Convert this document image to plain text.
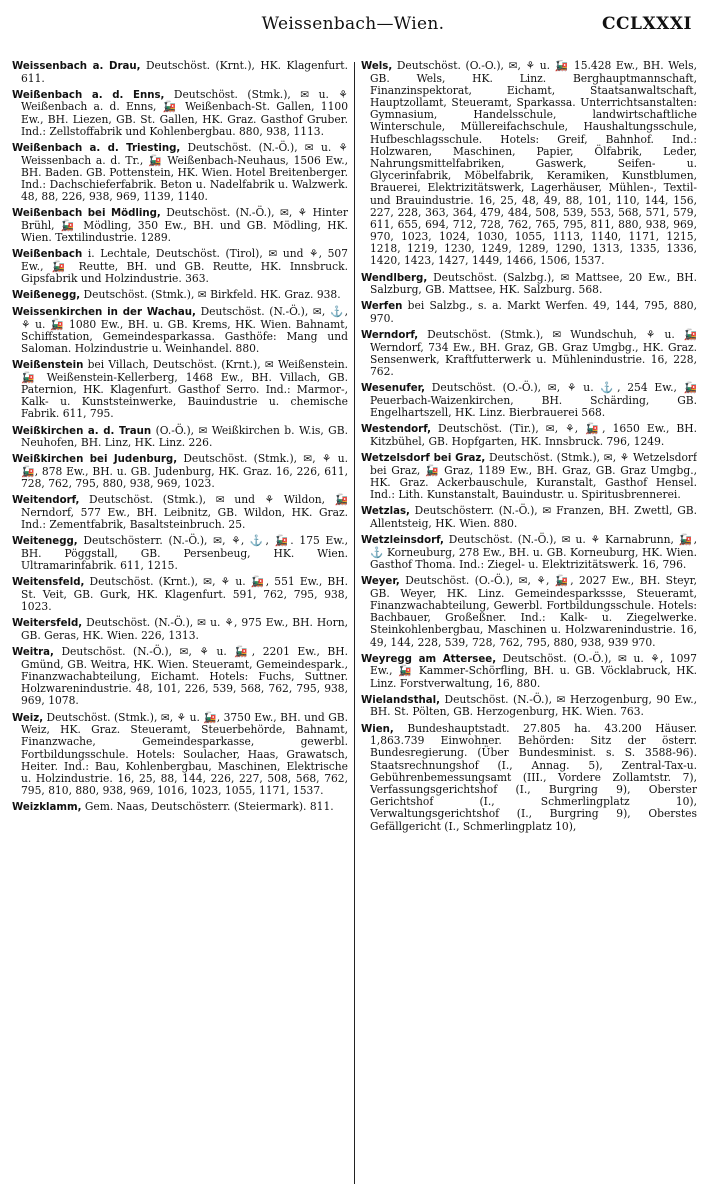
Weissenbach—Wien.	CCLXXXI

Weissenbach a. Drau, Deutschöst. (Krnt.), HK. Klagenfurt. 611.

Weißenbach a. d. Enns, Deutschöst. (Stmk.), ✉ u. ⚘ Weißenbach a. d. Enns, 🚂 Weißenbach-St. Gallen, 1100 Ew., BH. Liezen, GB. St. Gallen, HK. Graz. Gasthof Gruber. Ind.: Zellstoffabrik und Kohlenbergbau. 880, 938, 1113.

Weißenbach a. d. Triesting, Deutschöst. (N.-Ö.), ✉ u. ⚘ Weissenbach a. d. Tr., 🚂 Weißenbach-Neuhaus, 1506 Ew., BH. Baden. GB. Pottenstein, HK. Wien. Hotel Breitenberger. Ind.: Dachschieferfabrik. Beton u. Nadelfabrik u. Walzwerk. 48, 88, 226, 938, 969, 1139, 1140.

Weißenbach bei Mödling, Deutschöst. (N.-Ö.), ✉, ⚘ Hinter Brühl, 🚂 Mödling, 350 Ew., BH. und GB. Mödling, HK. Wien. Textilindustrie. 1289.

Weißenbach i. Lechtale, Deutschöst. (Tirol), ✉ und ⚘, 507 Ew., 🚂 Reutte, BH. und GB. Reutte, HK. Innsbruck. Gipsfabrik und Holzindustrie. 363.

Weißenegg, Deutschöst. (Stmk.), ✉ Birkfeld. HK. Graz. 938.

Weissenkirchen in der Wachau, Deutschöst. (N.-Ö.), ✉, ⚓, ⚘ u. 🚂 1080 Ew., BH. u. GB. Krems, HK. Wien. Bahnamt, Schiffstation, Gemeindesparkassa. Gasthöfe: Mang und Saloman. Holzindustrie u. Weinhandel. 880.

Weißenstein bei Villach, Deutschöst. (Krnt.), ✉ Weißenstein. 🚂 Weißenstein-Kellerberg, 1468 Ew., BH. Villach, GB. Paternion, HK. Klagenfurt. Gasthof Serro. Ind.: Marmor-, Kalk- u. Kunststeinwerke, Bauindustrie u. chemische Fabrik. 611, 795.

Weißkirchen a. d. Traun (O.-Ö.), ✉ Weißkirchen b. W.is, GB. Neuhofen, BH. Linz, HK. Linz. 226.

Weißkirchen bei Judenburg, Deutschöst. (Stmk.), ✉, ⚘ u. 🚂, 878 Ew., BH. u. GB. Judenburg, HK. Graz. 16, 226, 611, 728, 762, 795, 880, 938, 969, 1023.

Weitendorf, Deutschöst. (Stmk.), ✉ und ⚘ Wildon, 🚂 Nerndorf, 577 Ew., BH. Leibnitz, GB. Wildon, HK. Graz. Ind.: Zementfabrik, Basaltsteinbruch. 25.

Weitenegg, Deutschösterr. (N.-Ö.), ✉, ⚘, ⚓, 🚂. 175 Ew., BH. Pöggstall, GB. Persenbeug, HK. Wien. Ultramarinfabrik. 611, 1215.

Weitensfeld, Deutschöst. (Krnt.), ✉, ⚘ u. 🚂, 551 Ew., BH. St. Veit, GB. Gurk, HK. Klagenfurt. 591, 762, 795, 938, 1023.

Weitersfeld, Deutschöst. (N.-Ö.), ✉ u. ⚘, 975 Ew., BH. Horn, GB. Geras, HK. Wien. 226, 1313.

Weitra, Deutschöst. (N.-Ö.), ✉, ⚘ u. 🚂, 2201 Ew., BH. Gmünd, GB. Weitra, HK. Wien. Steueramt, Gemeindespark., Finanzwachabteilung, Eichamt. Hotels: Fuchs, Suttner. Holzwarenindustrie. 48, 101, 226, 539, 568, 762, 795, 938, 969, 1078.

Weiz, Deutschöst. (Stmk.), ✉, ⚘ u. 🚂, 3750 Ew., BH. und GB. Weiz, HK. Graz. Steueramt, Steuerbehörde, Bahnamt, Finanzwache, Gemeindesparkasse, gewerbl. Fortbildungsschule. Hotels: Soulacher, Haas, Grawatsch, Heiter. Ind.: Bau, Kohlenbergbau, Maschinen, Elektrische u. Holzindustrie. 16, 25, 88, 144, 226, 227, 508, 568, 762, 795, 810, 880, 938, 969, 1016, 1023, 1055, 1171, 1537.

Weizklamm, Gem. Naas, Deutschösterr. (Steiermark). 811.

Wels, Deutschöst. (O.-Ö.), ✉, ⚘ u. 🚂 15.428 Ew., BH. Wels, GB. Wels, HK. Linz. Berghauptmannschaft, Finanzinspektorat, Eichamt, Staatsanwaltschaft, Hauptzollamt, Steueramt, Sparkassa. Unterrichtsanstalten: Gymnasium, Handelsschule, landwirtschaftliche Winterschule, Müllereifachschule, Haushaltungsschule, Hufbeschlagsschule. Hotels: Greif, Bahnhof. Ind.: Holzwaren, Maschinen, Papier, Ölfabrik, Leder, Nahrungsmittelfabriken, Gaswerk, Seifen- u. Glycerinfabrik, Möbelfabrik, Keramiken, Kunstblumen, Brauerei, Elektrizitätswerk, Lagerhäuser, Mühlen-, Textil- und Brauindustrie. 16, 25, 48, 49, 88, 101, 110, 144, 156, 227, 228, 363, 364, 479, 484, 508, 539, 553, 568, 571, 579, 611, 655, 694, 712, 728, 762, 765, 795, 811, 880, 938, 969, 970, 1023, 1024, 1030, 1055, 1113, 1140, 1171, 1215, 1218, 1219, 1230, 1249, 1289, 1290, 1313, 1335, 1336, 1420, 1423, 1427, 1449, 1466, 1506, 1537.

Wendlberg, Deutschöst. (Salzbg.), ✉ Mattsee, 20 Ew., BH. Salzburg, GB. Mattsee, HK. Salzburg. 568.

Werfen bei Salzbg., s. a. Markt Werfen. 49, 144, 795, 880, 970.

Werndorf, Deutschöst. (Stmk.), ✉ Wundschuh, ⚘ u. 🚂 Werndorf, 734 Ew., BH. Graz, GB. Graz Umgbg., HK. Graz. Sensenwerk, Kraftfutterwerk u. Mühlenindustrie. 16, 228, 762.

Wesenufer, Deutschöst. (O.-Ö.), ✉, ⚘ u. ⚓, 254 Ew., 🚂 Peuerbach-Waizenkirchen, BH. Schärding, GB. Engelhartszell, HK. Linz. Bierbrauerei 568.

Westendorf, Deutschöst. (Tir.), ✉, ⚘, 🚂, 1650 Ew., BH. Kitzbühel, GB. Hopfgarten, HK. Innsbruck. 796, 1249.

Wetzelsdorf bei Graz, Deutschöst. (Stmk.), ✉, ⚘ Wetzelsdorf bei Graz, 🚂 Graz, 1189 Ew., BH. Graz, GB. Graz Umgbg., HK. Graz. Ackerbauschule, Kuranstalt, Gasthof Hensel. Ind.: Lith. Kunstanstalt, Bauindustr. u. Spiritusbrennerei.

Wetzlas, Deutschösterr. (N.-Ö.), ✉ Franzen, BH. Zwettl, GB. Allentsteig, HK. Wien. 880.

Wetzleinsdorf, Deutschöst. (N.-Ö.), ✉ u. ⚘ Karnabrunn, 🚂, ⚓ Korneuburg, 278 Ew., BH. u. GB. Korneuburg, HK. Wien. Gasthof Thoma. Ind.: Ziegel- u. Elektrizitätswerk. 16, 796.

Weyer, Deutschöst. (O.-Ö.), ✉, ⚘, 🚂, 2027 Ew., BH. Steyr, GB. Weyer, HK. Linz. Gemeindesparkssse, Steueramt, Finanzwachabteilung, Gewerbl. Fortbildungsschule. Hotels: Bachbauer, Großeßner. Ind.: Kalk- u. Ziegelwerke. Steinkohlenbergbau, Maschinen u. Holzwarenindustrie. 16, 49, 144, 228, 539, 728, 762, 795, 880, 938, 939 970.

Weyregg am Attersee, Deutschöst. (O.-Ö.), ✉ u. ⚘, 1097 Ew., 🚂 Kammer-Schörfling, BH. u. GB. Vöcklabruck, HK. Linz. Forstverwaltung, 16, 880.

Wielandsthal, Deutschöst. (N.-Ö.), ✉ Herzogenburg, 90 Ew., BH. St. Pölten, GB. Herzogenburg, HK. Wien. 763.

Wien, Bundeshauptstadt. 27.805 ha. 43.200 Häuser. 1,863.739 Einwohner. Behörden: Sitz der österr. Bundesregierung. (Über Bundesminist. s. S. 3588-96). Staatsrechnungshof (I., Annag. 5), Zentral-Tax-u. Gebührenbemessungsamt (III., Vordere Zollamtstr. 7), Verfassungsgerichtshof (I., Burgring 9), Oberster Gerichtshof (I., Schmerlingplatz 10), Verwaltungsgerichtshof (I., Burgring 9), Oberstes Gefällgericht (I., Schmerlingplatz 10),
